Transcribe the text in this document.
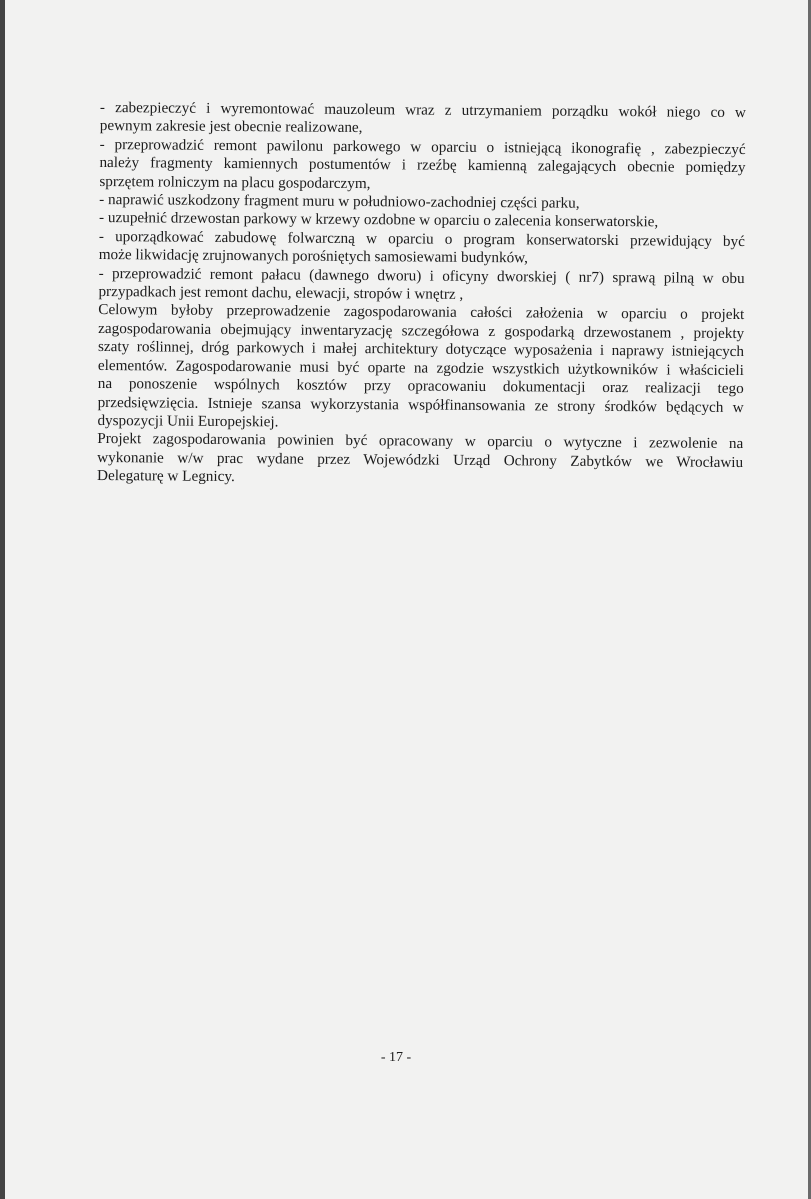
- zabezpieczyć i wyremontować mauzoleum wraz z utrzymaniem porządku wokół niego co w
pewnym zakresie jest obecnie realizowane,
- przeprowadzić remont pawilonu parkowego w oparciu o istniejącą ikonografię , zabezpieczyć
należy fragmenty kamiennych postumentów i rzeźbę kamienną zalegających obecnie pomiędzy
sprzętem rolniczym na placu gospodarczym,
- naprawić uszkodzony fragment muru w południowo-zachodniej części parku,
- uzupełnić drzewostan parkowy w krzewy ozdobne w oparciu o zalecenia konserwatorskie,
- uporządkować zabudowę folwarczną w oparciu o program konserwatorski przewidujący być
może likwidację zrujnowanych porośniętych samosiewami budynków,
- przeprowadzić remont pałacu (dawnego dworu) i oficyny dworskiej ( nr7) sprawą pilną w obu
przypadkach jest remont dachu, elewacji, stropów i wnętrz ,
Celowym byłoby przeprowadzenie zagospodarowania całości założenia w oparciu o projekt
zagospodarowania obejmujący inwentaryzację szczegółowa z gospodarką drzewostanem , projekty
szaty roślinnej, dróg parkowych i małej architektury dotyczące wyposażenia i naprawy istniejących
elementów. Zagospodarowanie musi być oparte na zgodzie wszystkich użytkowników i właścicieli
na ponoszenie wspólnych kosztów przy opracowaniu dokumentacji oraz realizacji tego
przedsięwzięcia. Istnieje szansa wykorzystania współfinansowania ze strony środków będących w
dyspozycji Unii Europejskiej.
Projekt zagospodarowania powinien być opracowany w oparciu o wytyczne i zezwolenie na
wykonanie w/w prac wydane przez Wojewódzki Urząd Ochrony Zabytków we Wrocławiu
Delegaturę w Legnicy.
- 17 -
